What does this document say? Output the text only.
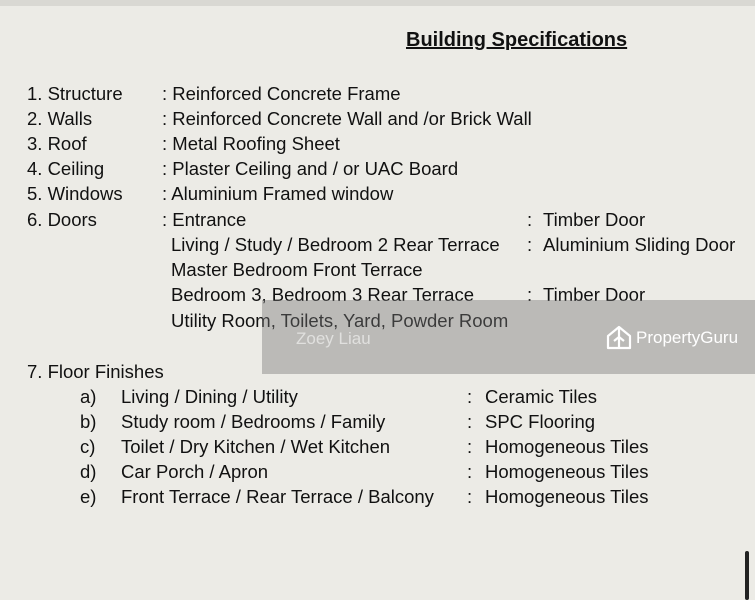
Building Specifications
1. Structure : Reinforced Concrete Frame
2. Walls	: Reinforced Concrete Wall and /or Brick Wall
3. Roof	: Metal Roofing Sheet
4. Ceiling	: Plaster Ceiling and / or UAC Board
5. Windows : Aluminium Framed window
6. Doors	: Entrance	: Timber Door
Living / Study / Bedroom 2 Rear Terrace : Aluminium Sliding Door
Master Bedroom Front Terrace
Bedroom 3, Bedroom 3 Rear Terrace	: Timber Door
Utility Room, Toilets, Yard, Powder Room
7. Floor Finishes
a) Living / Dining / Utility	: Ceramic Tiles
b) Study room / Bedrooms / Family	: SPC Flooring
c) Toilet / Dry Kitchen / Wet Kitchen	: Homogeneous Tiles
d) Car Porch / Apron	: Homogeneous Tiles
e) Front Terrace / Rear Terrace / Balcony : Homogeneous Tiles
Zoey Liau	PropertyGuru
